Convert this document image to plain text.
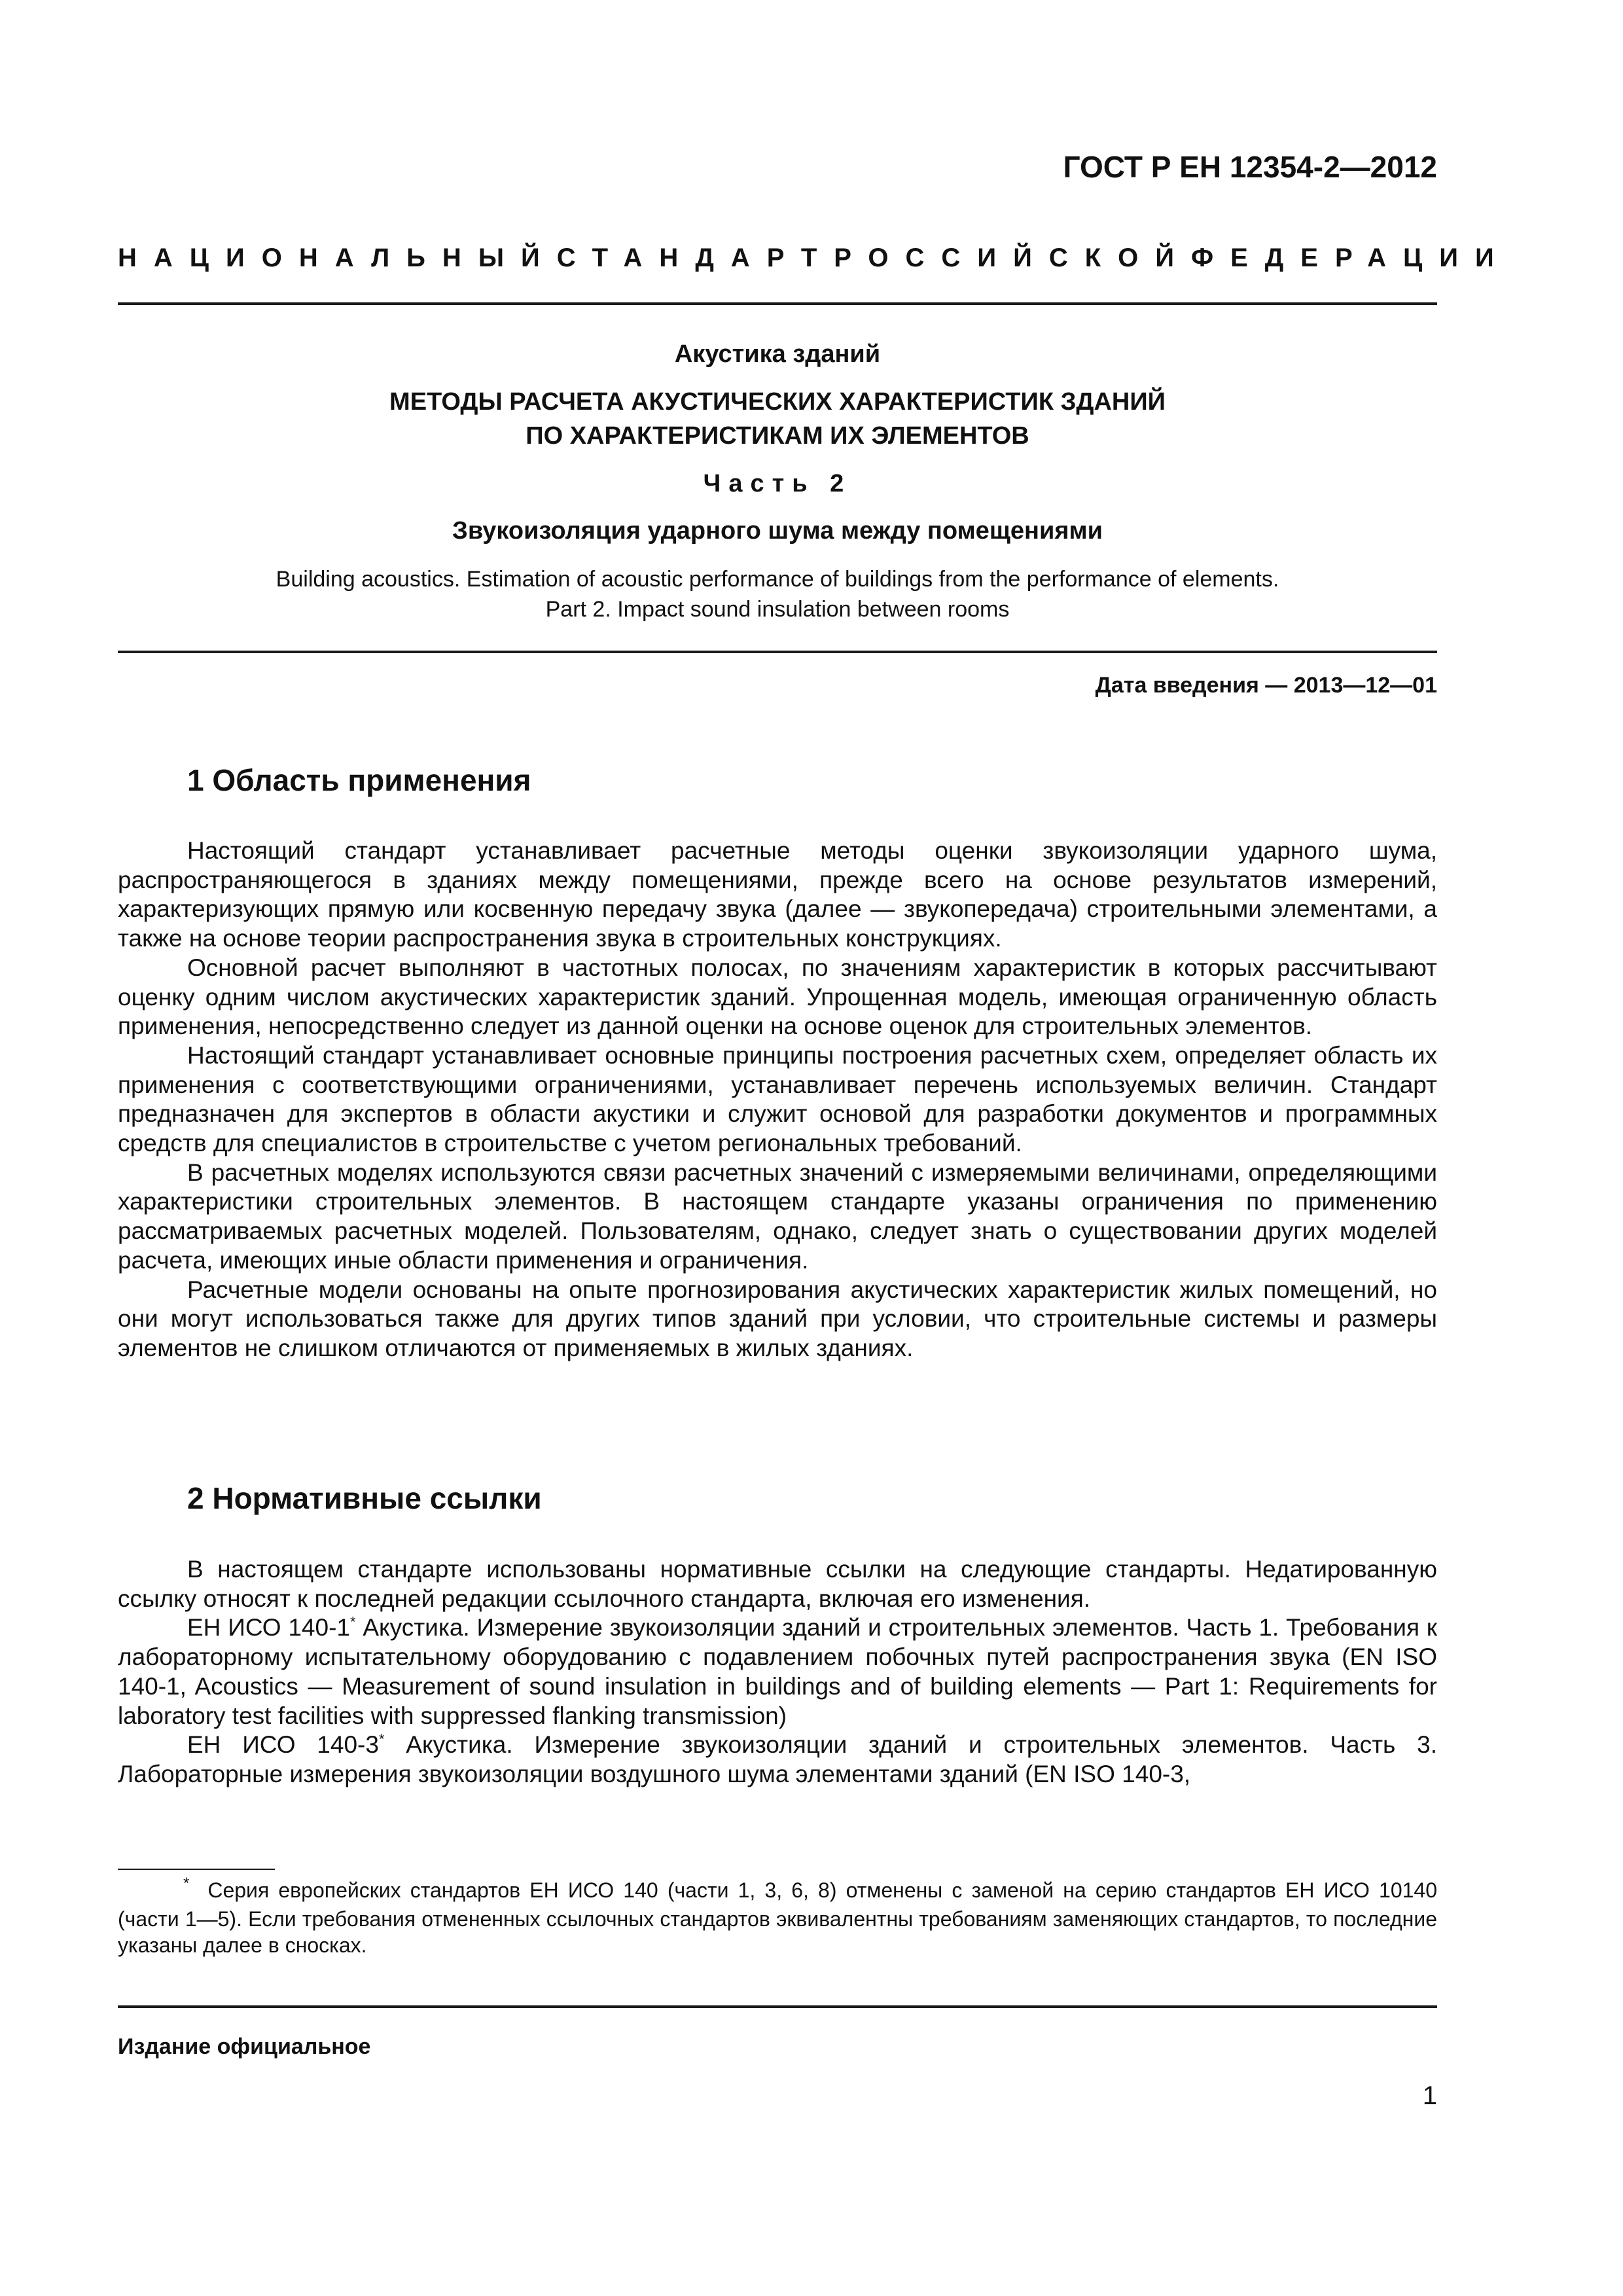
ГОСТ Р ЕН 12354-2—2012
НАЦИОНАЛЬНЫЙ СТАНДАРТ РОССИЙСКОЙ ФЕДЕРАЦИИ
Акустика зданий
МЕТОДЫ РАСЧЕТА АКУСТИЧЕСКИХ ХАРАКТЕРИСТИК ЗДАНИЙ
ПО ХАРАКТЕРИСТИКАМ ИХ ЭЛЕМЕНТОВ
Часть 2
Звукоизоляция ударного шума между помещениями
Building acoustics. Estimation of acoustic performance of buildings from the performance of elements.
Part 2. Impact sound insulation between rooms
Дата введения — 2013—12—01
1 Область применения

Настоящий стандарт устанавливает расчетные методы оценки звукоизоляции ударного шума, распространяющегося в зданиях между помещениями, прежде всего на основе результатов измерений, характеризующих прямую или косвенную передачу звука (далее — звукопередача) строительными элементами, а также на основе теории распространения звука в строительных конструкциях.

Основной расчет выполняют в частотных полосах, по значениям характеристик в которых рассчитывают оценку одним числом акустических характеристик зданий. Упрощенная модель, имеющая ограниченную область применения, непосредственно следует из данной оценки на основе оценок для строительных элементов.

Настоящий стандарт устанавливает основные принципы построения расчетных схем, определяет область их применения с соответствующими ограничениями, устанавливает перечень используемых величин. Стандарт предназначен для экспертов в области акустики и служит основой для разработки документов и программных средств для специалистов в строительстве с учетом региональных требований.

В расчетных моделях используются связи расчетных значений с измеряемыми величинами, определяющими характеристики строительных элементов. В настоящем стандарте указаны ограничения по применению рассматриваемых расчетных моделей. Пользователям, однако, следует знать о существовании других моделей расчета, имеющих иные области применения и ограничения.

Расчетные модели основаны на опыте прогнозирования акустических характеристик жилых помещений, но они могут использоваться также для других типов зданий при условии, что строительные системы и размеры элементов не слишком отличаются от применяемых в жилых зданиях.

2 Нормативные ссылки

В настоящем стандарте использованы нормативные ссылки на следующие стандарты. Недатированную ссылку относят к последней редакции ссылочного стандарта, включая его изменения.

ЕН ИСО 140-1* Акустика. Измерение звукоизоляции зданий и строительных элементов. Часть 1. Требования к лабораторному испытательному оборудованию с подавлением побочных путей распространения звука (EN ISO 140-1, Acoustics — Measurement of sound insulation in buildings and of building elements — Part 1: Requirements for laboratory test facilities with suppressed flanking transmission)

ЕН ИСО 140-3* Акустика. Измерение звукоизоляции зданий и строительных элементов. Часть 3. Лабораторные измерения звукоизоляции воздушного шума элементами зданий (EN ISO 140-3,

* Серия европейских стандартов ЕН ИСО 140 (части 1, 3, 6, 8) отменены с заменой на серию стандартов ЕН ИСО 10140 (части 1—5). Если требования отмененных ссылочных стандартов эквивалентны требованиям заменяющих стандартов, то последние указаны далее в сносках.
Издание официальное
1
